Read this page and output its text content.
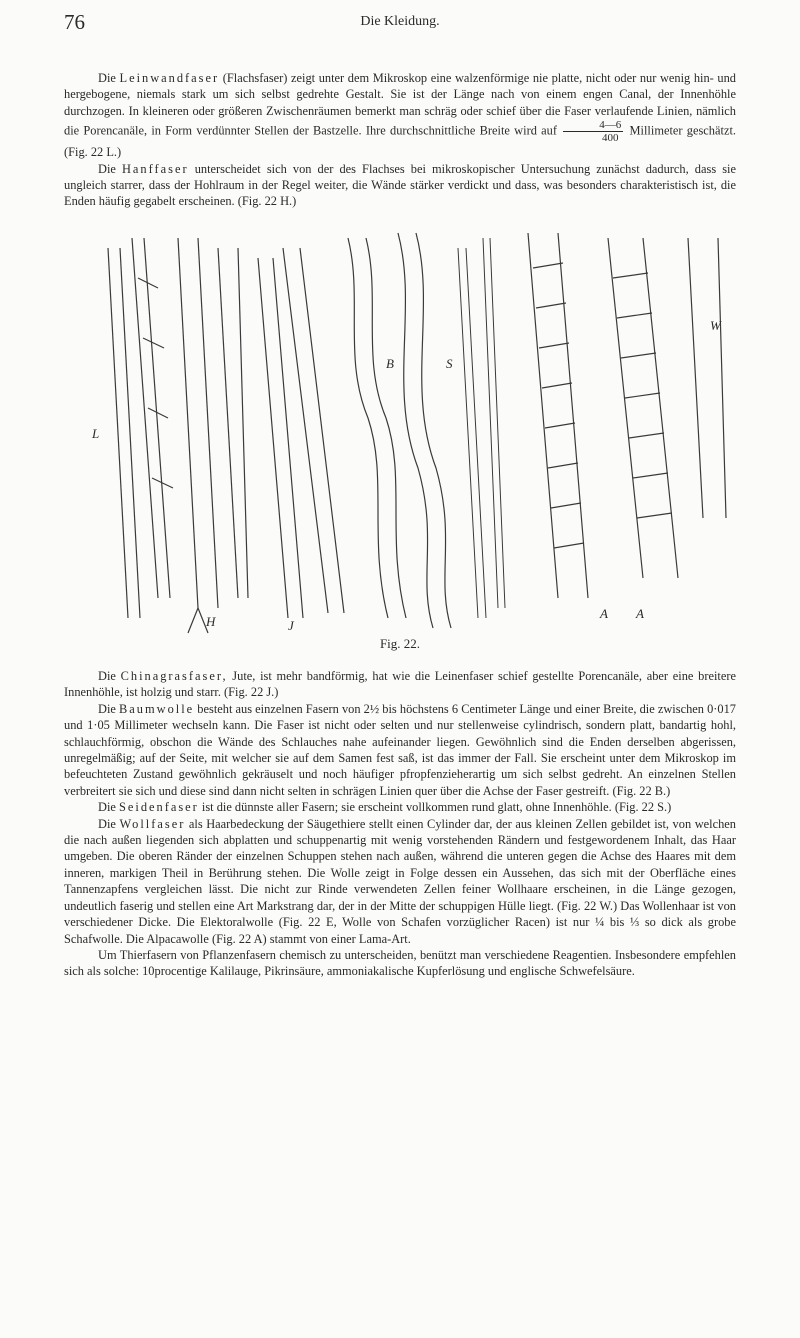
76	Die Kleidung.

Die Leinwandfaser (Flachsfaser) zeigt unter dem Mikroskop eine walzenförmige nie platte, nicht oder nur wenig hin- und hergebogene, niemals stark um sich selbst gedrehte Gestalt. Sie ist der Länge nach von einem engen Canal, der Innenhöhle durchzogen. In kleineren oder größeren Zwischenräumen bemerkt man schräg oder schief über die Faser verlaufende Linien, nämlich die Porencanäle, in Form verdünnter Stellen der Bastzelle. Ihre durchschnittliche Breite wird auf $\frac{4—6}{400}$ Millimeter geschätzt. (Fig. 22 L.)

Die Hanffaser unterscheidet sich von der des Flachses bei mikroskopischer Untersuchung zunächst dadurch, dass sie ungleich starrer, dass der Hohlraum in der Regel weiter, die Wände stärker verdickt und dass, was besonders charakteristisch ist, die Enden häufig gegabelt erscheinen. (Fig. 22 H.)

L
H	J
B	S
W
A A
Fig. 22.

Die Chinagrasfaser, Jute, ist mehr bandförmig, hat wie die Leinenfaser schief gestellte Porencanäle, aber eine breitere Innenhöhle, ist holzig und starr. (Fig. 22 J.)

Die Baumwolle besteht aus einzelnen Fasern von 2½ bis höchstens 6 Centimeter Länge und einer Breite, die zwischen 0·017 und 1·05 Millimeter wechseln kann. Die Faser ist nicht oder selten und nur stellenweise cylindrisch, sondern platt, bandartig hohl, schlauchförmig, obschon die Wände des Schlauches nahe aufeinander liegen. Gewöhnlich sind die Enden derselben abgerissen, unregelmäßig; auf der Seite, mit welcher sie auf dem Samen fest saß, ist das immer der Fall. Sie erscheint unter dem Mikroskop im befeuchteten Zustand gewöhnlich gekräuselt und noch häufiger pfropfenzieherartig um sich selbst gedreht. An einzelnen Stellen verbreitert sie sich und diese sind dann nicht selten in schrägen Linien quer über die Achse der Faser gestreift. (Fig. 22 B.)

Die Seidenfaser ist die dünnste aller Fasern; sie erscheint vollkommen rund glatt, ohne Innenhöhle. (Fig. 22 S.)

Die Wollfaser als Haarbedeckung der Säugethiere stellt einen Cylinder dar, der aus kleinen Zellen gebildet ist, von welchen die nach außen liegenden sich abplatten und schuppenartig mit wenig vorstehenden Rändern und festgewordenem Inhalt, das Haar umgeben. Die oberen Ränder der einzelnen Schuppen stehen nach außen, während die unteren gegen die Achse des Haares mit dem inneren, markigen Theil in Berührung stehen. Die Wolle zeigt in Folge dessen ein Aussehen, das sich mit der Oberfläche eines Tannenzapfens vergleichen lässt. Die nicht zur Rinde verwendeten Zellen feiner Wollhaare erscheinen, in die Länge gezogen, undeutlich faserig und stellen eine Art Markstrang dar, der in der Mitte der schuppigen Hülle liegt. (Fig. 22 W.) Das Wollenhaar ist von verschiedener Dicke. Die Elektoralwolle (Fig. 22 E, Wolle von Schafen vorzüglicher Racen) ist nur ¼ bis ⅓ so dick als grobe Schafwolle. Die Alpacawolle (Fig. 22 A) stammt von einer Lama-Art.

Um Thierfasern von Pflanzenfasern chemisch zu unterscheiden, benützt man verschiedene Reagentien. Insbesondere empfehlen sich als solche: 10procentige Kalilauge, Pikrinsäure, ammoniakalische Kupferlösung und englische Schwefelsäure.
